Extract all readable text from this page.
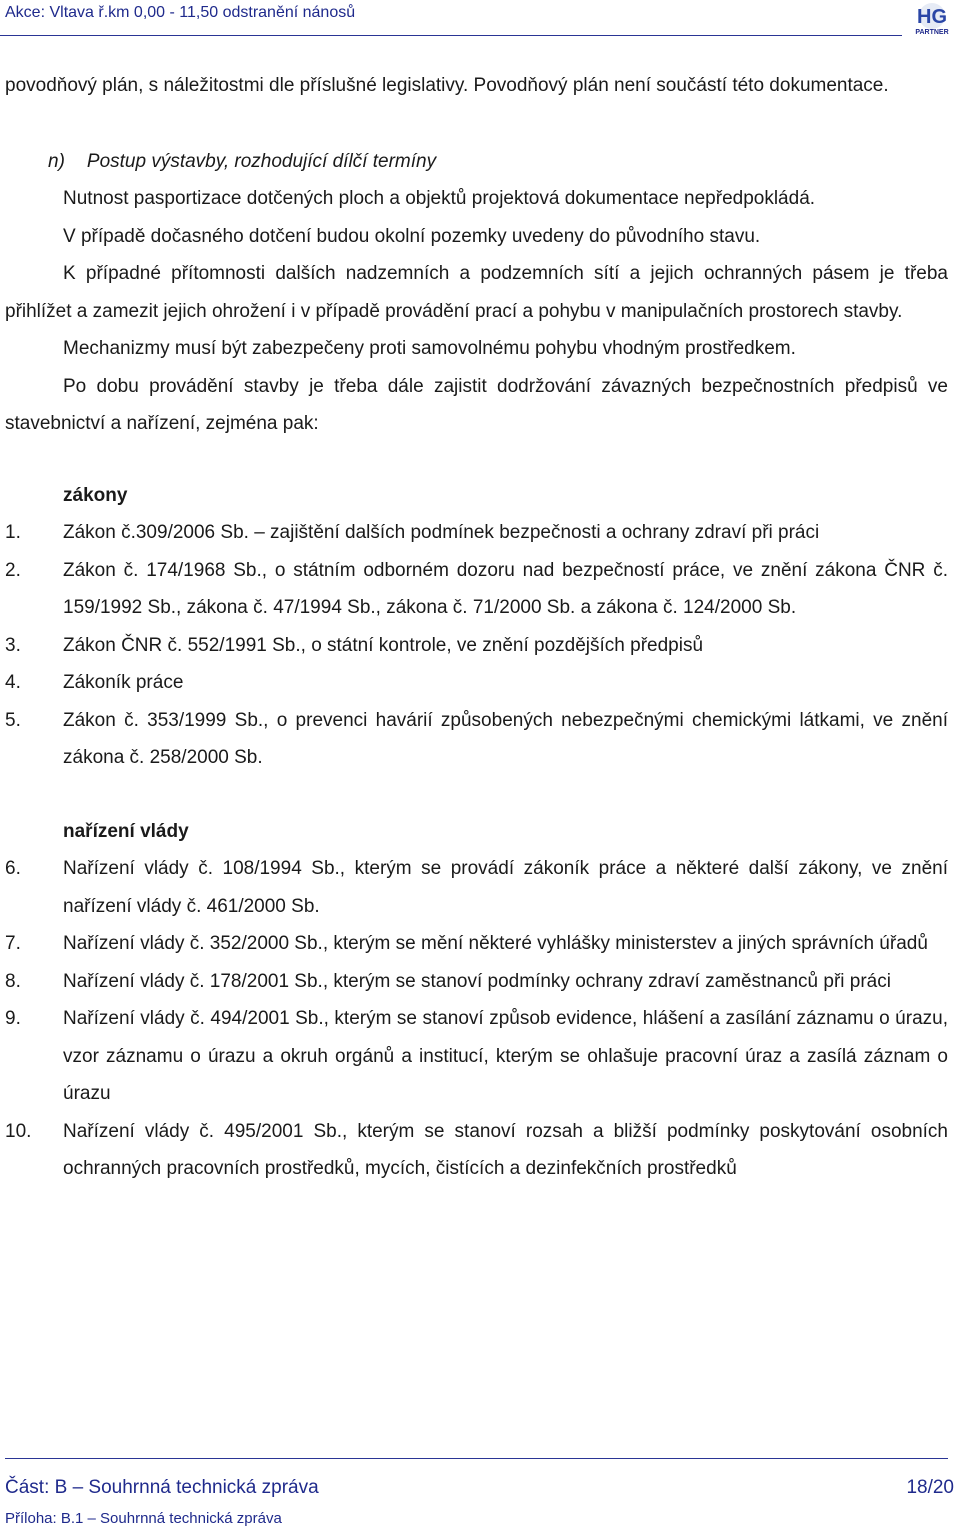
Akce: Vltava ř.km 0,00 - 11,50 odstranění nánosů	HG
PARTNER

povodňový plán, s náležitostmi dle příslušné legislativy. Povodňový plán není součástí této dokumentace.

n) Postup výstavby, rozhodující dílčí termíny

Nutnost pasportizace dotčených ploch a objektů projektová dokumentace nepředpokládá.

V případě dočasného dotčení budou okolní pozemky uvedeny do původního stavu.

K případné přítomnosti dalších nadzemních a podzemních sítí a jejich ochranných pásem je třeba přihlížet a zamezit jejich ohrožení i v případě provádění prací a pohybu v manipulačních prostorech stavby.

Mechanizmy musí být zabezpečeny proti samovolnému pohybu vhodným prostředkem.

Po dobu provádění stavby je třeba dále zajistit dodržování závazných bezpečnostních předpisů ve stavebnictví a nařízení, zejména pak:

zákony

1.	Zákon č.309/2006 Sb. – zajištění dalších podmínek bezpečnosti a ochrany zdraví při práci
2.	Zákon č. 174/1968 Sb., o státním odborném dozoru nad bezpečností práce, ve znění zákona ČNR č. 159/1992 Sb., zákona č. 47/1994 Sb., zákona č. 71/2000 Sb. a zákona č. 124/2000 Sb.
3.	Zákon ČNR č. 552/1991 Sb., o státní kontrole, ve znění pozdějších předpisů
4.	Zákoník práce
5.	Zákon č. 353/1999 Sb., o prevenci havárií způsobených nebezpečnými chemickými látkami, ve znění zákona č. 258/2000 Sb.

nařízení vlády

6.	Nařízení vlády č. 108/1994 Sb., kterým se provádí zákoník práce a některé další zákony, ve znění nařízení vlády č. 461/2000 Sb.
7.	Nařízení vlády č. 352/2000 Sb., kterým se mění některé vyhlášky ministerstev a jiných správních úřadů
8.	Nařízení vlády č. 178/2001 Sb., kterým se stanoví podmínky ochrany zdraví zaměstnanců při práci
9.	Nařízení vlády č. 494/2001 Sb., kterým se stanoví způsob evidence, hlášení a zasílání záznamu o úrazu, vzor záznamu o úrazu a okruh orgánů a institucí, kterým se ohlašuje pracovní úraz a zasílá záznam o úrazu
10.	Nařízení vlády č. 495/2001 Sb., kterým se stanoví rozsah a bližší podmínky poskytování osobních ochranných pracovních prostředků, mycích, čistících a dezinfekčních prostředků
Část: B – Souhrnná technická zpráva	18/20
Příloha: B.1 – Souhrnná technická zpráva
